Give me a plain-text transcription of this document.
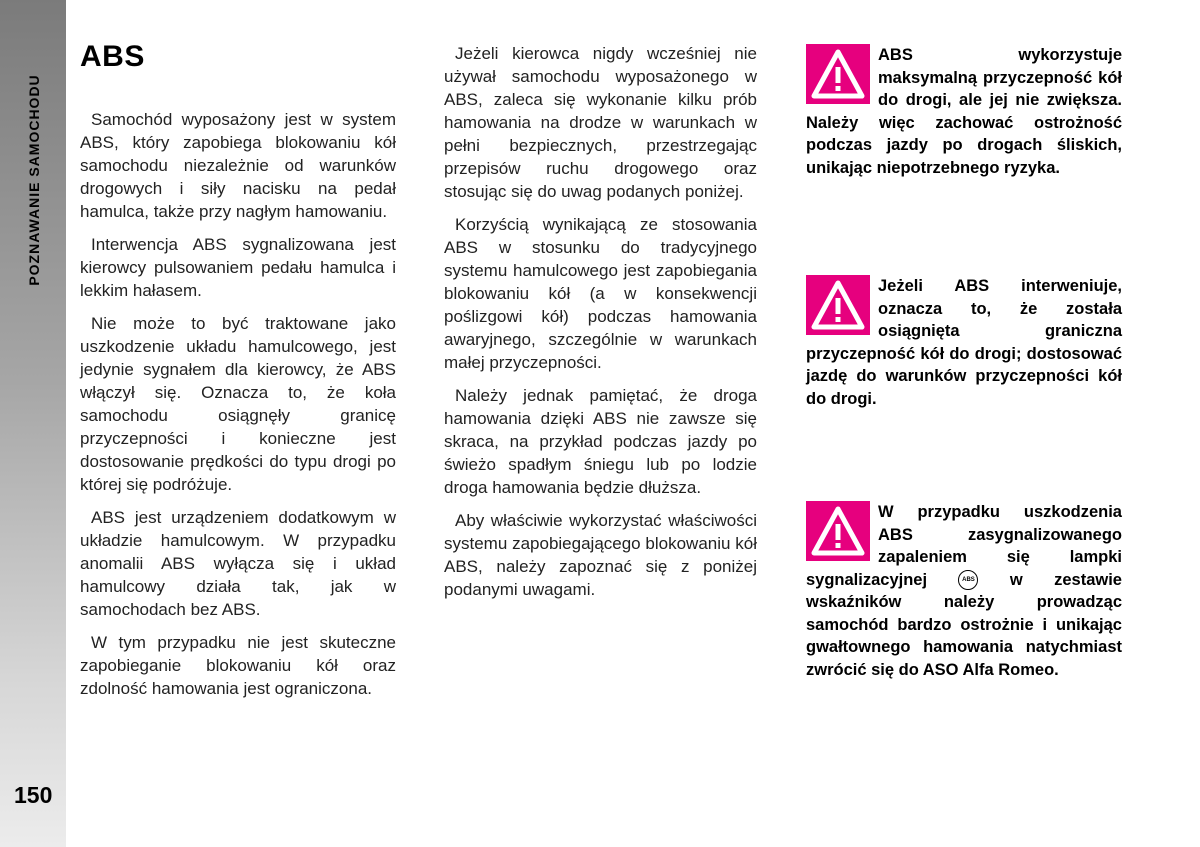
POZNAWANIE SAMOCHODU
150
ABS

Samochód wyposażony jest w system ABS, który zapobiega blokowaniu kół samochodu niezależnie od warunków drogowych i siły nacisku na pedał hamulca, także przy nagłym hamowaniu.

Interwencja ABS sygnalizowana jest kierowcy pulsowaniem pedału hamulca i lekkim hałasem.

Nie może to być traktowane jako uszkodzenie układu hamulcowego, jest jedynie sygnałem dla kierowcy, że ABS włączył się. Oznacza to, że koła samochodu osiągnęły granicę przyczepności i konieczne jest dostosowanie prędkości do typu drogi po której się podróżuje.

ABS jest urządzeniem dodatkowym w układzie hamulcowym. W przypadku anomalii ABS wyłącza się i układ hamulcowy działa tak, jak w samochodach bez ABS.

W tym przypadku nie jest skuteczne zapobieganie blokowaniu kół oraz zdolność hamowania jest ograniczona.

Jeżeli kierowca nigdy wcześniej nie używał samochodu wyposażonego w ABS, zaleca się wykonanie kilku prób hamowania na drodze w warunkach w pełni bezpiecznych, przestrzegając przepisów ruchu drogowego oraz stosując się do uwag podanych poniżej.

Korzyścią wynikającą ze stosowania ABS w stosunku do tradycyjnego systemu hamulcowego jest zapobiegania blokowaniu kół (a w konsekwencji poślizgowi kół) podczas hamowania awaryjnego, szczególnie w warunkach małej przyczepności.

Należy jednak pamiętać, że droga hamowania dzięki ABS nie zawsze się skraca, na przykład podczas jazdy po świeżo spadłym śniegu lub po lodzie droga hamowania będzie dłuższa.

Aby właściwie wykorzystać właściwości systemu zapobiegającego blokowaniu kół ABS, należy zapoznać się z poniżej podanymi uwagami.

ABS wykorzystuje maksymalną przyczepność kół do drogi, ale jej nie zwiększa. Należy więc zachować ostrożność podczas jazdy po drogach śliskich, unikając niepotrzebnego ryzyka.

Jeżeli ABS interweniuje, oznacza to, że została osiągnięta graniczna przyczepność kół do drogi; dostosować jazdę do warunków przyczepności kół do drogi.

W przypadku uszkodzenia ABS zasygnalizowanego zapaleniem się lampki sygnalizacyjnej	ABS w zestawie wskaźników należy prowadząc samochód bardzo ostrożnie i unikając gwałtownego hamowania natychmiast zwrócić się do ASO Alfa Romeo.
